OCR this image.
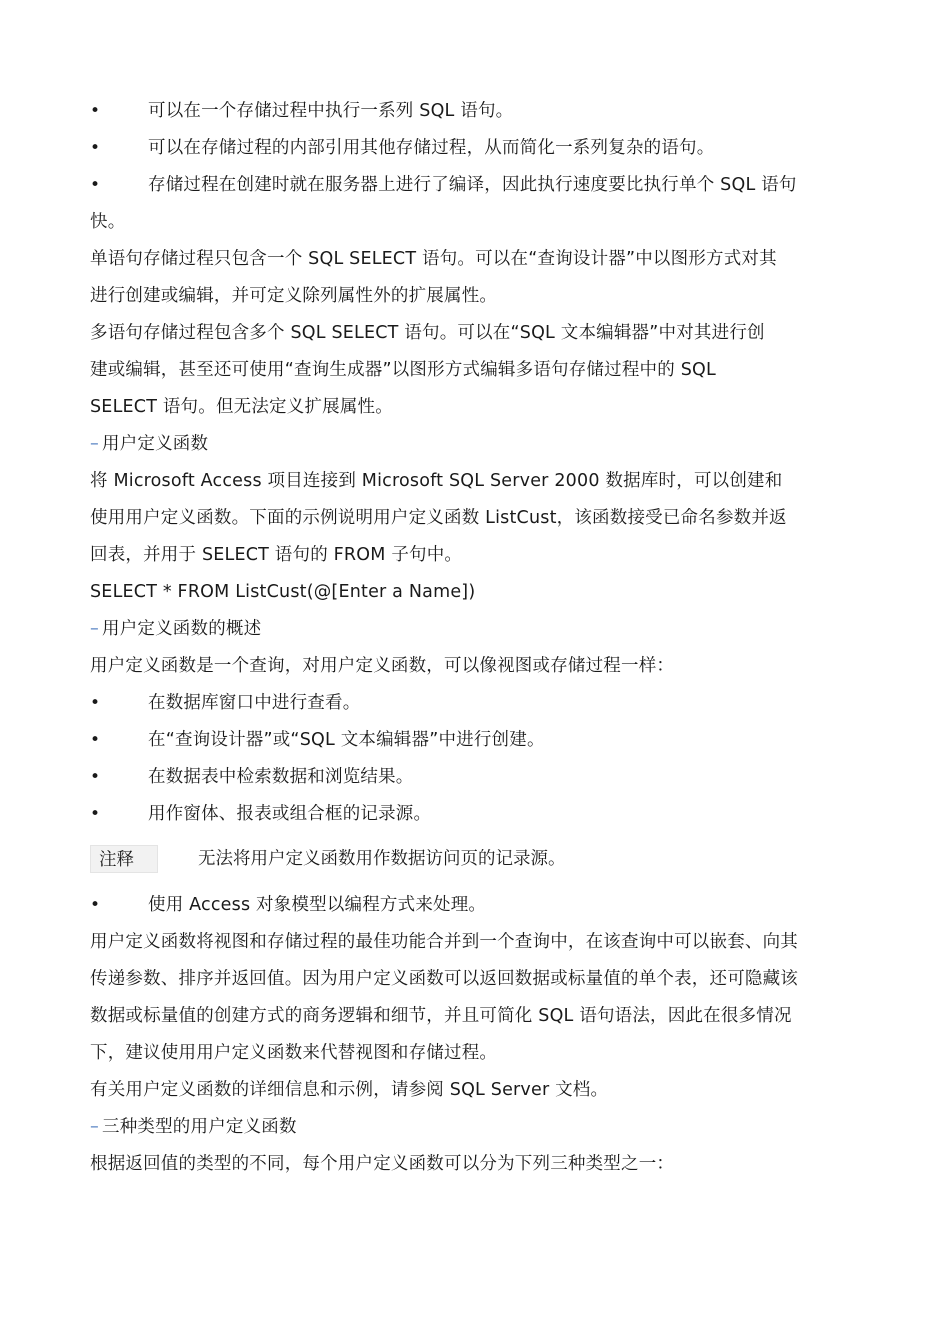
•	可以在一个存储过程中执行一系列 SQL 语句。
•	可以在存储过程的内部引用其他存储过程，从而简化一系列复杂的语句。
•	存储过程在创建时就在服务器上进行了编译，因此执行速度要比执行单个 SQL 语句
快。
单语句存储过程只包含一个 SQL SELECT 语句。可以在“查询设计器”中以图形方式对其
进行创建或编辑，并可定义除列属性外的扩展属性。
多语句存储过程包含多个 SQL SELECT 语句。可以在“SQL 文本编辑器”中对其进行创
建或编辑，甚至还可使用“查询生成器”以图形方式编辑多语句存储过程中的 SQL
SELECT 语句。但无法定义扩展属性。
– 用户定义函数
将 Microsoft Access 项目连接到 Microsoft SQL Server 2000 数据库时，可以创建和
使用用户定义函数。下面的示例说明用户定义函数 ListCust，该函数接受已命名参数并返
回表，并用于 SELECT 语句的 FROM 子句中。
SELECT * FROM ListCust(@[Enter a Name])
– 用户定义函数的概述
用户定义函数是一个查询，对用户定义函数，可以像视图或存储过程一样：
•	在数据库窗口中进行查看。
•	在“查询设计器”或“SQL 文本编辑器”中进行创建。
•	在数据表中检索数据和浏览结果。
•	用作窗体、报表或组合框的记录源。
注释	无法将用户定义函数用作数据访问页的记录源。
•	使用 Access 对象模型以编程方式来处理。
用户定义函数将视图和存储过程的最佳功能合并到一个查询中，在该查询中可以嵌套、向其
传递参数、排序并返回值。因为用户定义函数可以返回数据或标量值的单个表，还可隐藏该
数据或标量值的创建方式的商务逻辑和细节，并且可简化 SQL 语句语法，因此在很多情况
下，建议使用用户定义函数来代替视图和存储过程。
有关用户定义函数的详细信息和示例，请参阅 SQL Server 文档。
– 三种类型的用户定义函数
根据返回值的类型的不同，每个用户定义函数可以分为下列三种类型之一：
